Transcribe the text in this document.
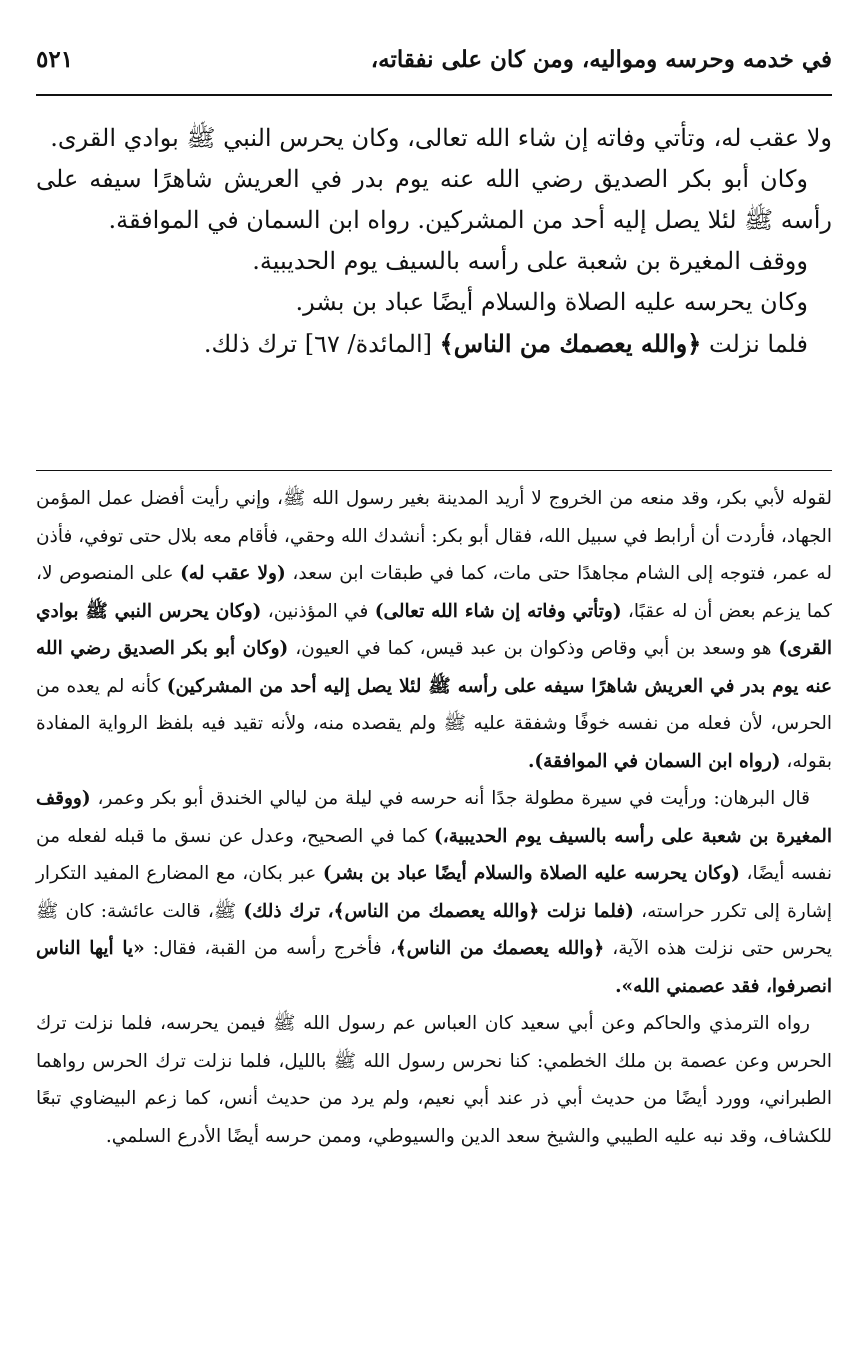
في خدمه وحرسه ومواليه، ومن كان على نفقاته،
٥٢١

ولا عقب له، وتأتي وفاته إن شاء الله تعالى، وكان يحرس النبي ﷺ بوادي القرى.

وكان أبو بكر الصديق رضي الله عنه يوم بدر في العريش شاهرًا سيفه على رأسه ﷺ لئلا يصل إليه أحد من المشركين. رواه ابن السمان في الموافقة.

ووقف المغيرة بن شعبة على رأسه بالسيف يوم الحديبية.

وكان يحرسه عليه الصلاة والسلام أيضًا عباد بن بشر.

فلما نزلت ﴿والله يعصمك من الناس﴾ [المائدة/ ٦٧] ترك ذلك.

لقوله لأبي بكر، وقد منعه من الخروج لا أريد المدينة بغير رسول الله ﷺ، وإني رأيت أفضل عمل المؤمن الجهاد، فأردت أن أرابط في سبيل الله، فقال أبو بكر: أنشدك الله وحقي، فأقام معه بلال حتى توفي، فأذن له عمر، فتوجه إلى الشام مجاهدًا حتى مات، كما في طبقات ابن سعد، (ولا عقب له) على المنصوص لا، كما يزعم بعض أن له عقبًا، (وتأتي وفاته إن شاء الله تعالى) في المؤذنين، (وكان يحرس النبي ﷺ بوادي القرى) هو وسعد بن أبي وقاص وذكوان بن عبد قيس، كما في العيون، (وكان أبو بكر الصديق رضي الله عنه يوم بدر في العريش شاهرًا سيفه على رأسه ﷺ لئلا يصل إليه أحد من المشركين) كأنه لم يعده من الحرس، لأن فعله من نفسه خوفًا وشفقة عليه ﷺ ولم يقصده منه، ولأنه تقيد فيه بلفظ الرواية المفادة بقوله، (رواه ابن السمان في الموافقة).

قال البرهان: ورأيت في سيرة مطولة جدًا أنه حرسه في ليلة من ليالي الخندق أبو بكر وعمر، (ووقف المغيرة بن شعبة على رأسه بالسيف يوم الحديبية،) كما في الصحيح، وعدل عن نسق ما قبله لفعله من نفسه أيضًا، (وكان يحرسه عليه الصلاة والسلام أيضًا عباد بن بشر) عبر بكان، مع المضارع المفيد التكرار إشارة إلى تكرر حراسته، (فلما نزلت ﴿والله يعصمك من الناس﴾، ترك ذلك) ﷺ، قالت عائشة: كان ﷺ يحرس حتى نزلت هذه الآية، ﴿والله يعصمك من الناس﴾، فأخرج رأسه من القبة، فقال: «يا أيها الناس انصرفوا، فقد عصمني الله».

رواه الترمذي والحاكم وعن أبي سعيد كان العباس عم رسول الله ﷺ فيمن يحرسه، فلما نزلت ترك الحرس وعن عصمة بن ملك الخطمي: كنا نحرس رسول الله ﷺ بالليل، فلما نزلت ترك الحرس رواهما الطبراني، وورد أيضًا من حديث أبي ذر عند أبي نعيم، ولم يرد من حديث أنس، كما زعم البيضاوي تبعًا للكشاف، وقد نبه عليه الطيبي والشيخ سعد الدين والسيوطي، وممن حرسه أيضًا الأدرع السلمي.
